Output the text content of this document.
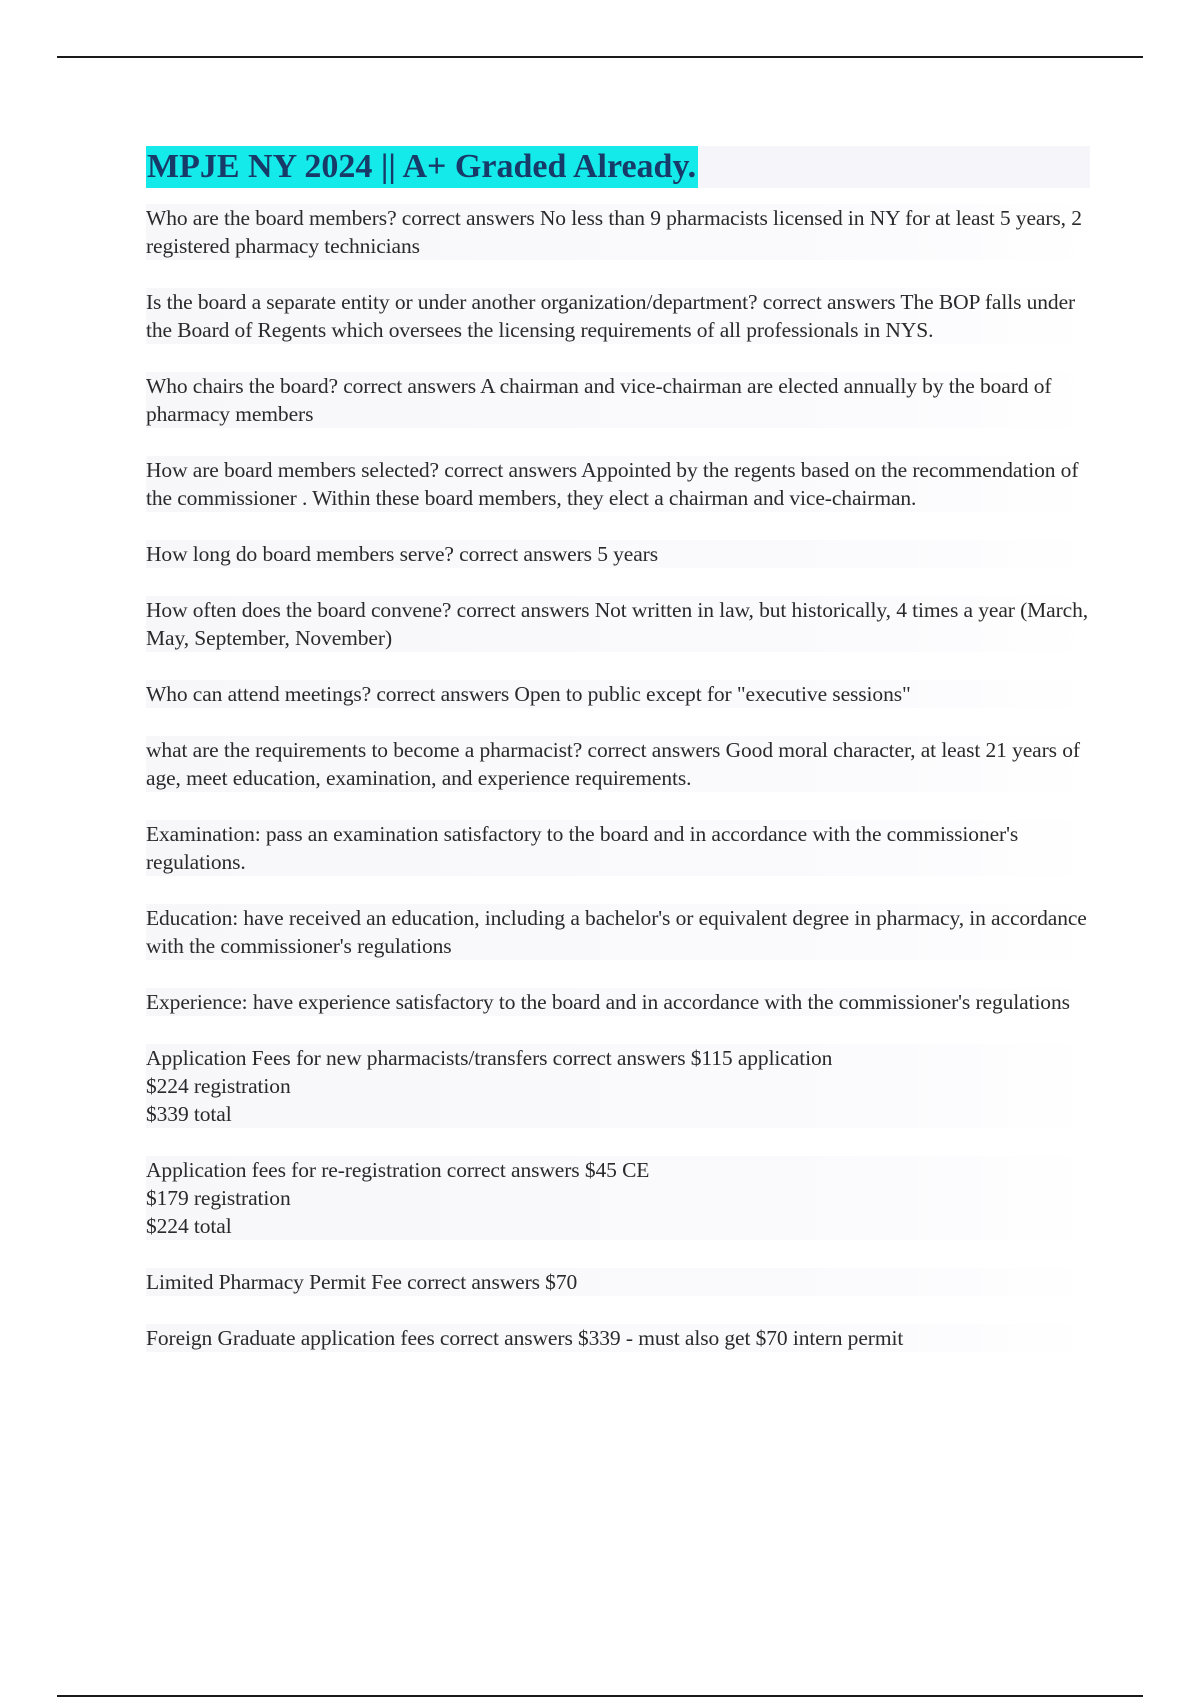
MPJE NY 2024 || A+ Graded Already.

Who are the board members? correct answers No less than 9 pharmacists licensed in NY for at least 5 years, 2 registered pharmacy technicians

Is the board a separate entity or under another organization/department? correct answers The BOP falls under the Board of Regents which oversees the licensing requirements of all professionals in NYS.

Who chairs the board? correct answers A chairman and vice-chairman are elected annually by the board of pharmacy members

How are board members selected? correct answers Appointed by the regents based on the recommendation of the commissioner . Within these board members, they elect a chairman and vice-chairman.

How long do board members serve? correct answers 5 years

How often does the board convene? correct answers Not written in law, but historically, 4 times a year (March, May, September, November)

Who can attend meetings? correct answers Open to public except for "executive sessions"

what are the requirements to become a pharmacist? correct answers Good moral character, at least 21 years of age, meet education, examination, and experience requirements.

Examination: pass an examination satisfactory to the board and in accordance with the commissioner's regulations.

Education: have received an education, including a bachelor's or equivalent degree in pharmacy, in accordance with the commissioner's regulations

Experience: have experience satisfactory to the board and in accordance with the commissioner's regulations

Application Fees for new pharmacists/transfers correct answers $115 application
$224 registration
$339 total

Application fees for re-registration correct answers $45 CE
$179 registration
$224 total

Limited Pharmacy Permit Fee correct answers $70

Foreign Graduate application fees correct answers $339 - must also get $70 intern permit
